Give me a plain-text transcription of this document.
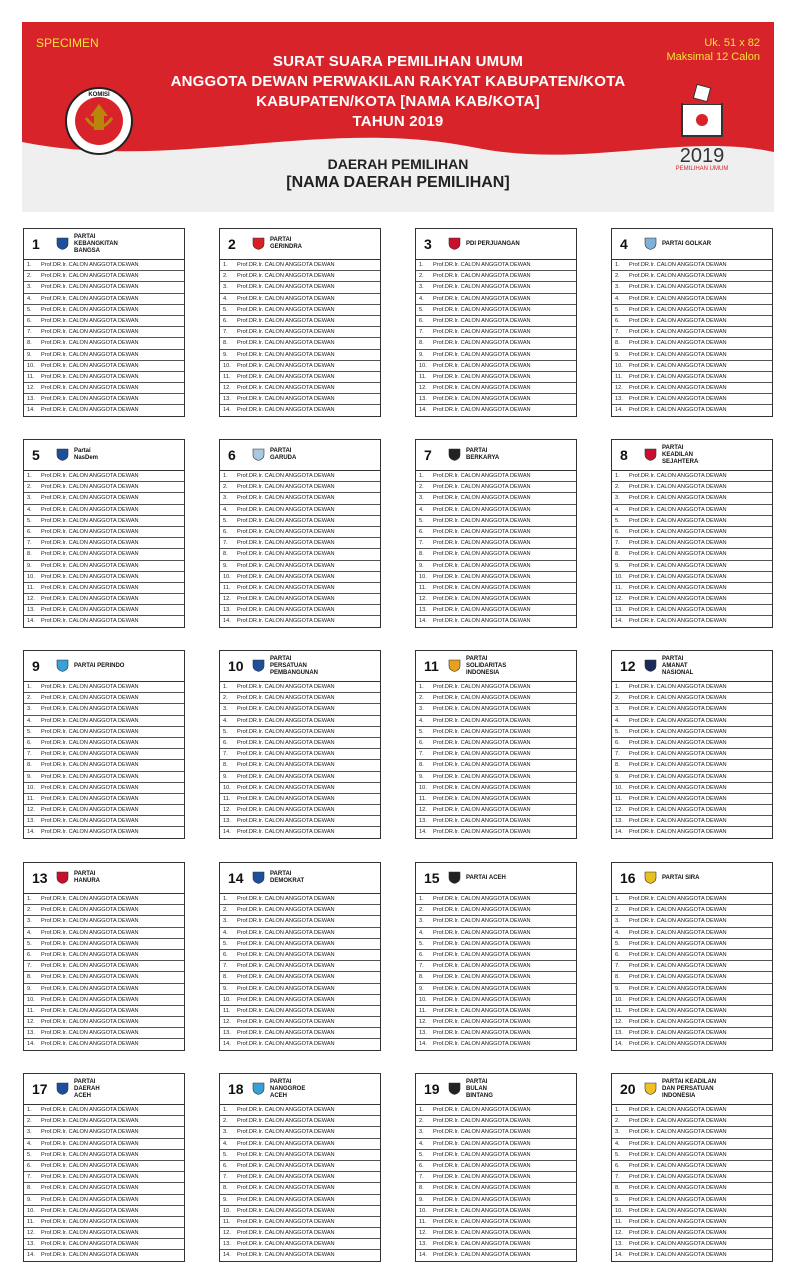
SPECIMEN	Uk. 51 x 82
Maksimal 12 Calon
SURAT SUARA PEMILIHAN UMUM
ANGGOTA DEWAN PERWAKILAN RAKYAT KABUPATEN/KOTA
KABUPATEN/KOTA [NAMA KAB/KOTA]
TAHUN 2019
DAERAH PEMILIHAN
[NAMA DAERAH PEMILIHAN]
KOMISI
2019
PEMILIHAN UMUM
1	PARTAI
KEBANGKITAN
BANGSA
1. Prof.DR.Ir. CALON ANGGOTA DEWAN
2. Prof.DR.Ir. CALON ANGGOTA DEWAN
3. Prof.DR.Ir. CALON ANGGOTA DEWAN
4. Prof.DR.Ir. CALON ANGGOTA DEWAN
5. Prof.DR.Ir. CALON ANGGOTA DEWAN
6. Prof.DR.Ir. CALON ANGGOTA DEWAN
7. Prof.DR.Ir. CALON ANGGOTA DEWAN
8. Prof.DR.Ir. CALON ANGGOTA DEWAN
9. Prof.DR.Ir. CALON ANGGOTA DEWAN
10. Prof.DR.Ir. CALON ANGGOTA DEWAN
11. Prof.DR.Ir. CALON ANGGOTA DEWAN
12. Prof.DR.Ir. CALON ANGGOTA DEWAN
13. Prof.DR.Ir. CALON ANGGOTA DEWAN
14. Prof.DR.Ir. CALON ANGGOTA DEWAN
2	PARTAI
GERINDRA
1. Prof.DR.Ir. CALON ANGGOTA DEWAN
2. Prof.DR.Ir. CALON ANGGOTA DEWAN
3. Prof.DR.Ir. CALON ANGGOTA DEWAN
4. Prof.DR.Ir. CALON ANGGOTA DEWAN
5. Prof.DR.Ir. CALON ANGGOTA DEWAN
6. Prof.DR.Ir. CALON ANGGOTA DEWAN
7. Prof.DR.Ir. CALON ANGGOTA DEWAN
8. Prof.DR.Ir. CALON ANGGOTA DEWAN
9. Prof.DR.Ir. CALON ANGGOTA DEWAN
10. Prof.DR.Ir. CALON ANGGOTA DEWAN
11. Prof.DR.Ir. CALON ANGGOTA DEWAN
12. Prof.DR.Ir. CALON ANGGOTA DEWAN
13. Prof.DR.Ir. CALON ANGGOTA DEWAN
14. Prof.DR.Ir. CALON ANGGOTA DEWAN
3	PDI PERJUANGAN
1. Prof.DR.Ir. CALON ANGGOTA DEWAN
2. Prof.DR.Ir. CALON ANGGOTA DEWAN
3. Prof.DR.Ir. CALON ANGGOTA DEWAN
4. Prof.DR.Ir. CALON ANGGOTA DEWAN
5. Prof.DR.Ir. CALON ANGGOTA DEWAN
6. Prof.DR.Ir. CALON ANGGOTA DEWAN
7. Prof.DR.Ir. CALON ANGGOTA DEWAN
8. Prof.DR.Ir. CALON ANGGOTA DEWAN
9. Prof.DR.Ir. CALON ANGGOTA DEWAN
10. Prof.DR.Ir. CALON ANGGOTA DEWAN
11. Prof.DR.Ir. CALON ANGGOTA DEWAN
12. Prof.DR.Ir. CALON ANGGOTA DEWAN
13. Prof.DR.Ir. CALON ANGGOTA DEWAN
14. Prof.DR.Ir. CALON ANGGOTA DEWAN
4	PARTAI GOLKAR
1. Prof.DR.Ir. CALON ANGGOTA DEWAN
2. Prof.DR.Ir. CALON ANGGOTA DEWAN
3. Prof.DR.Ir. CALON ANGGOTA DEWAN
4. Prof.DR.Ir. CALON ANGGOTA DEWAN
5. Prof.DR.Ir. CALON ANGGOTA DEWAN
6. Prof.DR.Ir. CALON ANGGOTA DEWAN
7. Prof.DR.Ir. CALON ANGGOTA DEWAN
8. Prof.DR.Ir. CALON ANGGOTA DEWAN
9. Prof.DR.Ir. CALON ANGGOTA DEWAN
10. Prof.DR.Ir. CALON ANGGOTA DEWAN
11. Prof.DR.Ir. CALON ANGGOTA DEWAN
12. Prof.DR.Ir. CALON ANGGOTA DEWAN
13. Prof.DR.Ir. CALON ANGGOTA DEWAN
14. Prof.DR.Ir. CALON ANGGOTA DEWAN
5	Partai
NasDem
1. Prof.DR.Ir. CALON ANGGOTA DEWAN
2. Prof.DR.Ir. CALON ANGGOTA DEWAN
3. Prof.DR.Ir. CALON ANGGOTA DEWAN
4. Prof.DR.Ir. CALON ANGGOTA DEWAN
5. Prof.DR.Ir. CALON ANGGOTA DEWAN
6. Prof.DR.Ir. CALON ANGGOTA DEWAN
7. Prof.DR.Ir. CALON ANGGOTA DEWAN
8. Prof.DR.Ir. CALON ANGGOTA DEWAN
9. Prof.DR.Ir. CALON ANGGOTA DEWAN
10. Prof.DR.Ir. CALON ANGGOTA DEWAN
11. Prof.DR.Ir. CALON ANGGOTA DEWAN
12. Prof.DR.Ir. CALON ANGGOTA DEWAN
13. Prof.DR.Ir. CALON ANGGOTA DEWAN
14. Prof.DR.Ir. CALON ANGGOTA DEWAN
6	PARTAI
GARUDA
1. Prof.DR.Ir. CALON ANGGOTA DEWAN
2. Prof.DR.Ir. CALON ANGGOTA DEWAN
3. Prof.DR.Ir. CALON ANGGOTA DEWAN
4. Prof.DR.Ir. CALON ANGGOTA DEWAN
5. Prof.DR.Ir. CALON ANGGOTA DEWAN
6. Prof.DR.Ir. CALON ANGGOTA DEWAN
7. Prof.DR.Ir. CALON ANGGOTA DEWAN
8. Prof.DR.Ir. CALON ANGGOTA DEWAN
9. Prof.DR.Ir. CALON ANGGOTA DEWAN
10. Prof.DR.Ir. CALON ANGGOTA DEWAN
11. Prof.DR.Ir. CALON ANGGOTA DEWAN
12. Prof.DR.Ir. CALON ANGGOTA DEWAN
13. Prof.DR.Ir. CALON ANGGOTA DEWAN
14. Prof.DR.Ir. CALON ANGGOTA DEWAN
7	PARTAI
BERKARYA
1. Prof.DR.Ir. CALON ANGGOTA DEWAN
2. Prof.DR.Ir. CALON ANGGOTA DEWAN
3. Prof.DR.Ir. CALON ANGGOTA DEWAN
4. Prof.DR.Ir. CALON ANGGOTA DEWAN
5. Prof.DR.Ir. CALON ANGGOTA DEWAN
6. Prof.DR.Ir. CALON ANGGOTA DEWAN
7. Prof.DR.Ir. CALON ANGGOTA DEWAN
8. Prof.DR.Ir. CALON ANGGOTA DEWAN
9. Prof.DR.Ir. CALON ANGGOTA DEWAN
10. Prof.DR.Ir. CALON ANGGOTA DEWAN
11. Prof.DR.Ir. CALON ANGGOTA DEWAN
12. Prof.DR.Ir. CALON ANGGOTA DEWAN
13. Prof.DR.Ir. CALON ANGGOTA DEWAN
14. Prof.DR.Ir. CALON ANGGOTA DEWAN
8	PARTAI
KEADILAN
SEJAHTERA
1. Prof.DR.Ir. CALON ANGGOTA DEWAN
2. Prof.DR.Ir. CALON ANGGOTA DEWAN
3. Prof.DR.Ir. CALON ANGGOTA DEWAN
4. Prof.DR.Ir. CALON ANGGOTA DEWAN
5. Prof.DR.Ir. CALON ANGGOTA DEWAN
6. Prof.DR.Ir. CALON ANGGOTA DEWAN
7. Prof.DR.Ir. CALON ANGGOTA DEWAN
8. Prof.DR.Ir. CALON ANGGOTA DEWAN
9. Prof.DR.Ir. CALON ANGGOTA DEWAN
10. Prof.DR.Ir. CALON ANGGOTA DEWAN
11. Prof.DR.Ir. CALON ANGGOTA DEWAN
12. Prof.DR.Ir. CALON ANGGOTA DEWAN
13. Prof.DR.Ir. CALON ANGGOTA DEWAN
14. Prof.DR.Ir. CALON ANGGOTA DEWAN
9	PARTAI PERINDO
1. Prof.DR.Ir. CALON ANGGOTA DEWAN
2. Prof.DR.Ir. CALON ANGGOTA DEWAN
3. Prof.DR.Ir. CALON ANGGOTA DEWAN
4. Prof.DR.Ir. CALON ANGGOTA DEWAN
5. Prof.DR.Ir. CALON ANGGOTA DEWAN
6. Prof.DR.Ir. CALON ANGGOTA DEWAN
7. Prof.DR.Ir. CALON ANGGOTA DEWAN
8. Prof.DR.Ir. CALON ANGGOTA DEWAN
9. Prof.DR.Ir. CALON ANGGOTA DEWAN
10. Prof.DR.Ir. CALON ANGGOTA DEWAN
11. Prof.DR.Ir. CALON ANGGOTA DEWAN
12. Prof.DR.Ir. CALON ANGGOTA DEWAN
13. Prof.DR.Ir. CALON ANGGOTA DEWAN
14. Prof.DR.Ir. CALON ANGGOTA DEWAN
10	PARTAI
PERSATUAN
PEMBANGUNAN
1. Prof.DR.Ir. CALON ANGGOTA DEWAN
2. Prof.DR.Ir. CALON ANGGOTA DEWAN
3. Prof.DR.Ir. CALON ANGGOTA DEWAN
4. Prof.DR.Ir. CALON ANGGOTA DEWAN
5. Prof.DR.Ir. CALON ANGGOTA DEWAN
6. Prof.DR.Ir. CALON ANGGOTA DEWAN
7. Prof.DR.Ir. CALON ANGGOTA DEWAN
8. Prof.DR.Ir. CALON ANGGOTA DEWAN
9. Prof.DR.Ir. CALON ANGGOTA DEWAN
10. Prof.DR.Ir. CALON ANGGOTA DEWAN
11. Prof.DR.Ir. CALON ANGGOTA DEWAN
12. Prof.DR.Ir. CALON ANGGOTA DEWAN
13. Prof.DR.Ir. CALON ANGGOTA DEWAN
14. Prof.DR.Ir. CALON ANGGOTA DEWAN
11	PARTAI
SOLIDARITAS
INDONESIA
1. Prof.DR.Ir. CALON ANGGOTA DEWAN
2. Prof.DR.Ir. CALON ANGGOTA DEWAN
3. Prof.DR.Ir. CALON ANGGOTA DEWAN
4. Prof.DR.Ir. CALON ANGGOTA DEWAN
5. Prof.DR.Ir. CALON ANGGOTA DEWAN
6. Prof.DR.Ir. CALON ANGGOTA DEWAN
7. Prof.DR.Ir. CALON ANGGOTA DEWAN
8. Prof.DR.Ir. CALON ANGGOTA DEWAN
9. Prof.DR.Ir. CALON ANGGOTA DEWAN
10. Prof.DR.Ir. CALON ANGGOTA DEWAN
11. Prof.DR.Ir. CALON ANGGOTA DEWAN
12. Prof.DR.Ir. CALON ANGGOTA DEWAN
13. Prof.DR.Ir. CALON ANGGOTA DEWAN
14. Prof.DR.Ir. CALON ANGGOTA DEWAN
12	PARTAI
AMANAT
NASIONAL
1. Prof.DR.Ir. CALON ANGGOTA DEWAN
2. Prof.DR.Ir. CALON ANGGOTA DEWAN
3. Prof.DR.Ir. CALON ANGGOTA DEWAN
4. Prof.DR.Ir. CALON ANGGOTA DEWAN
5. Prof.DR.Ir. CALON ANGGOTA DEWAN
6. Prof.DR.Ir. CALON ANGGOTA DEWAN
7. Prof.DR.Ir. CALON ANGGOTA DEWAN
8. Prof.DR.Ir. CALON ANGGOTA DEWAN
9. Prof.DR.Ir. CALON ANGGOTA DEWAN
10. Prof.DR.Ir. CALON ANGGOTA DEWAN
11. Prof.DR.Ir. CALON ANGGOTA DEWAN
12. Prof.DR.Ir. CALON ANGGOTA DEWAN
13. Prof.DR.Ir. CALON ANGGOTA DEWAN
14. Prof.DR.Ir. CALON ANGGOTA DEWAN
13	PARTAI
HANURA
1. Prof.DR.Ir. CALON ANGGOTA DEWAN
2. Prof.DR.Ir. CALON ANGGOTA DEWAN
3. Prof.DR.Ir. CALON ANGGOTA DEWAN
4. Prof.DR.Ir. CALON ANGGOTA DEWAN
5. Prof.DR.Ir. CALON ANGGOTA DEWAN
6. Prof.DR.Ir. CALON ANGGOTA DEWAN
7. Prof.DR.Ir. CALON ANGGOTA DEWAN
8. Prof.DR.Ir. CALON ANGGOTA DEWAN
9. Prof.DR.Ir. CALON ANGGOTA DEWAN
10. Prof.DR.Ir. CALON ANGGOTA DEWAN
11. Prof.DR.Ir. CALON ANGGOTA DEWAN
12. Prof.DR.Ir. CALON ANGGOTA DEWAN
13. Prof.DR.Ir. CALON ANGGOTA DEWAN
14. Prof.DR.Ir. CALON ANGGOTA DEWAN
14	PARTAI
DEMOKRAT
1. Prof.DR.Ir. CALON ANGGOTA DEWAN
2. Prof.DR.Ir. CALON ANGGOTA DEWAN
3. Prof.DR.Ir. CALON ANGGOTA DEWAN
4. Prof.DR.Ir. CALON ANGGOTA DEWAN
5. Prof.DR.Ir. CALON ANGGOTA DEWAN
6. Prof.DR.Ir. CALON ANGGOTA DEWAN
7. Prof.DR.Ir. CALON ANGGOTA DEWAN
8. Prof.DR.Ir. CALON ANGGOTA DEWAN
9. Prof.DR.Ir. CALON ANGGOTA DEWAN
10. Prof.DR.Ir. CALON ANGGOTA DEWAN
11. Prof.DR.Ir. CALON ANGGOTA DEWAN
12. Prof.DR.Ir. CALON ANGGOTA DEWAN
13. Prof.DR.Ir. CALON ANGGOTA DEWAN
14. Prof.DR.Ir. CALON ANGGOTA DEWAN
15	PARTAI ACEH
1. Prof.DR.Ir. CALON ANGGOTA DEWAN
2. Prof.DR.Ir. CALON ANGGOTA DEWAN
3. Prof.DR.Ir. CALON ANGGOTA DEWAN
4. Prof.DR.Ir. CALON ANGGOTA DEWAN
5. Prof.DR.Ir. CALON ANGGOTA DEWAN
6. Prof.DR.Ir. CALON ANGGOTA DEWAN
7. Prof.DR.Ir. CALON ANGGOTA DEWAN
8. Prof.DR.Ir. CALON ANGGOTA DEWAN
9. Prof.DR.Ir. CALON ANGGOTA DEWAN
10. Prof.DR.Ir. CALON ANGGOTA DEWAN
11. Prof.DR.Ir. CALON ANGGOTA DEWAN
12. Prof.DR.Ir. CALON ANGGOTA DEWAN
13. Prof.DR.Ir. CALON ANGGOTA DEWAN
14. Prof.DR.Ir. CALON ANGGOTA DEWAN
16	PARTAI SIRA
1. Prof.DR.Ir. CALON ANGGOTA DEWAN
2. Prof.DR.Ir. CALON ANGGOTA DEWAN
3. Prof.DR.Ir. CALON ANGGOTA DEWAN
4. Prof.DR.Ir. CALON ANGGOTA DEWAN
5. Prof.DR.Ir. CALON ANGGOTA DEWAN
6. Prof.DR.Ir. CALON ANGGOTA DEWAN
7. Prof.DR.Ir. CALON ANGGOTA DEWAN
8. Prof.DR.Ir. CALON ANGGOTA DEWAN
9. Prof.DR.Ir. CALON ANGGOTA DEWAN
10. Prof.DR.Ir. CALON ANGGOTA DEWAN
11. Prof.DR.Ir. CALON ANGGOTA DEWAN
12. Prof.DR.Ir. CALON ANGGOTA DEWAN
13. Prof.DR.Ir. CALON ANGGOTA DEWAN
14. Prof.DR.Ir. CALON ANGGOTA DEWAN
17	PARTAI
DAERAH
ACEH
1. Prof.DR.Ir. CALON ANGGOTA DEWAN
2. Prof.DR.Ir. CALON ANGGOTA DEWAN
3. Prof.DR.Ir. CALON ANGGOTA DEWAN
4. Prof.DR.Ir. CALON ANGGOTA DEWAN
5. Prof.DR.Ir. CALON ANGGOTA DEWAN
6. Prof.DR.Ir. CALON ANGGOTA DEWAN
7. Prof.DR.Ir. CALON ANGGOTA DEWAN
8. Prof.DR.Ir. CALON ANGGOTA DEWAN
9. Prof.DR.Ir. CALON ANGGOTA DEWAN
10. Prof.DR.Ir. CALON ANGGOTA DEWAN
11. Prof.DR.Ir. CALON ANGGOTA DEWAN
12. Prof.DR.Ir. CALON ANGGOTA DEWAN
13. Prof.DR.Ir. CALON ANGGOTA DEWAN
14. Prof.DR.Ir. CALON ANGGOTA DEWAN
18	PARTAI
NANGGROE
ACEH
1. Prof.DR.Ir. CALON ANGGOTA DEWAN
2. Prof.DR.Ir. CALON ANGGOTA DEWAN
3. Prof.DR.Ir. CALON ANGGOTA DEWAN
4. Prof.DR.Ir. CALON ANGGOTA DEWAN
5. Prof.DR.Ir. CALON ANGGOTA DEWAN
6. Prof.DR.Ir. CALON ANGGOTA DEWAN
7. Prof.DR.Ir. CALON ANGGOTA DEWAN
8. Prof.DR.Ir. CALON ANGGOTA DEWAN
9. Prof.DR.Ir. CALON ANGGOTA DEWAN
10. Prof.DR.Ir. CALON ANGGOTA DEWAN
11. Prof.DR.Ir. CALON ANGGOTA DEWAN
12. Prof.DR.Ir. CALON ANGGOTA DEWAN
13. Prof.DR.Ir. CALON ANGGOTA DEWAN
14. Prof.DR.Ir. CALON ANGGOTA DEWAN
19	PARTAI
BULAN
BINTANG
1. Prof.DR.Ir. CALON ANGGOTA DEWAN
2. Prof.DR.Ir. CALON ANGGOTA DEWAN
3. Prof.DR.Ir. CALON ANGGOTA DEWAN
4. Prof.DR.Ir. CALON ANGGOTA DEWAN
5. Prof.DR.Ir. CALON ANGGOTA DEWAN
6. Prof.DR.Ir. CALON ANGGOTA DEWAN
7. Prof.DR.Ir. CALON ANGGOTA DEWAN
8. Prof.DR.Ir. CALON ANGGOTA DEWAN
9. Prof.DR.Ir. CALON ANGGOTA DEWAN
10. Prof.DR.Ir. CALON ANGGOTA DEWAN
11. Prof.DR.Ir. CALON ANGGOTA DEWAN
12. Prof.DR.Ir. CALON ANGGOTA DEWAN
13. Prof.DR.Ir. CALON ANGGOTA DEWAN
14. Prof.DR.Ir. CALON ANGGOTA DEWAN
20	PARTAI KEADILAN
DAN PERSATUAN
INDONESIA
1. Prof.DR.Ir. CALON ANGGOTA DEWAN
2. Prof.DR.Ir. CALON ANGGOTA DEWAN
3. Prof.DR.Ir. CALON ANGGOTA DEWAN
4. Prof.DR.Ir. CALON ANGGOTA DEWAN
5. Prof.DR.Ir. CALON ANGGOTA DEWAN
6. Prof.DR.Ir. CALON ANGGOTA DEWAN
7. Prof.DR.Ir. CALON ANGGOTA DEWAN
8. Prof.DR.Ir. CALON ANGGOTA DEWAN
9. Prof.DR.Ir. CALON ANGGOTA DEWAN
10. Prof.DR.Ir. CALON ANGGOTA DEWAN
11. Prof.DR.Ir. CALON ANGGOTA DEWAN
12. Prof.DR.Ir. CALON ANGGOTA DEWAN
13. Prof.DR.Ir. CALON ANGGOTA DEWAN
14. Prof.DR.Ir. CALON ANGGOTA DEWAN
